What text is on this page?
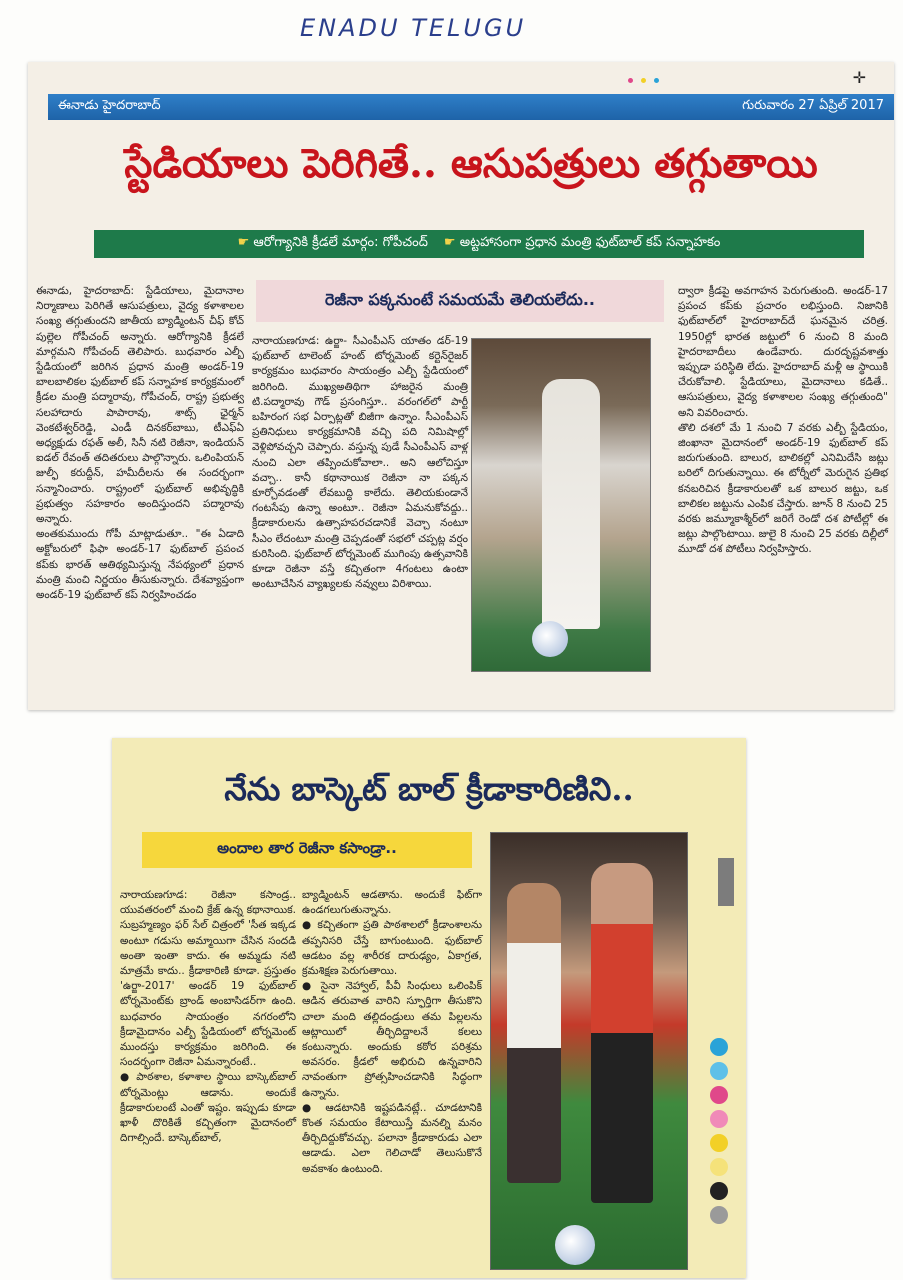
ENADU TELUGU
✛
ఈనాడు హైదరాబాద్	గురువారం 27 ఏప్రిల్ 2017
స్టేడియాలు పెరిగితే.. ఆసుపత్రులు తగ్గుతాయి
☛ ఆరోగ్యానికి క్రీడలే మార్గం: గోపీచంద్ ☛ అట్టహాసంగా ప్రధాన మంత్రి ఫుట్‌బాల్ కప్ సన్నాహకం
ఈనాడు, హైదరాబాద్: స్టేడియాలు, మైదానాల నిర్మాణాలు పెరిగితే ఆసుపత్రులు, వైద్య కళాశాలల సంఖ్య తగ్గుతుందని జాతీయ బ్యాడ్మింటన్ చీఫ్ కోచ్ పుల్లెల గోపీచంద్ అన్నారు. ఆరోగ్యానికి క్రీడలే మార్గమని గోపీచంద్ తెలిపారు. బుధవారం ఎల్బీ స్టేడియంలో జరిగిన ప్రధాన మంత్రి అండర్-19 బాలబాలికల ఫుట్‌బాల్ కప్ సన్నాహక కార్యక్రమంలో క్రీడల మంత్రి పద్మారావు, గోపీచంద్, రాష్ట్ర ప్రభుత్వ సలహాదారు పాపారావు, శాట్స్ ఛైర్మన్ వెంకటేశ్వర్‌రెడ్డి, ఎండీ దినకర్‌బాబు, టీఎఫ్ఏ అధ్యక్షుడు రఫత్ అలీ, సినీ నటి రెజీనా, ఇండియన్ ఐడల్ రేవంత్ తదితరులు పాల్గొన్నారు. ఒలింపియన్ జుల్ఫీ కరుద్దీన్, హమీదీలను ఈ సందర్భంగా సన్మానించారు. రాష్ట్రంలో ఫుట్‌బాల్ అభివృద్ధికి ప్రభుత్వం సహకారం అందిస్తుందని పద్మారావు అన్నారు.
అంతకుముందు గోపీ మాట్లాడుతూ.. "ఈ ఏడాది అక్టోబరులో ఫిఫా అండర్-17 ఫుట్‌బాల్ ప్రపంచ కప్‌కు భారత్ ఆతిథ్యమిస్తున్న నేపథ్యంలో ప్రధాన మంత్రి మంచి నిర్ణయం తీసుకున్నారు. దేశవ్యాప్తంగా అండర్-19 ఫుట్‌బాల్ కప్ నిర్వహించడం
రెజీనా పక్కనుంటే సమయమే తెలియలేదు..
నారాయణగూడ: ఉర్జా- సీఎంపీఎస్ యాతం డర్-19 ఫుట్‌బాల్ టాలెంట్ హంట్ టోర్నమెంట్ కర్టెన్‌రైజర్ కార్యక్రమం బుధవారం సాయంత్రం ఎల్బీ స్టేడియంలో జరిగింది. ముఖ్యఅతిథిగా హాజరైన మంత్రి టి.పద్మారావు గౌడ్ ప్రసంగిస్తూ.. వరంగల్‌లో పార్టీ బహిరంగ సభ ఏర్పాట్లతో బిజీగా ఉన్నాం. సీఎంపీఎస్ ప్రతినిధులు కార్యక్రమానికి వచ్చి పది నిమిషాల్లో వెళ్లిపోవచ్చని చెప్పారు. వస్తున్న పుడే సీఎంపీఎస్ వాళ్ల నుంచి ఎలా తప్పించుకోవాలా.. అని ఆలోచిస్తూ వచ్చా.. కానీ కథానాయిక రెజీనా నా పక్కన కూర్చోవడంతో లేవబుద్ధి కాలేదు. తెలియకుండానే గంటసేపు ఉన్నా అంటూ.. రెజీనా ఏమనుకోవద్దు.. క్రీడాకారులను ఉత్సాహపరచడానికే వెచ్చా నంటూ సీఎం లేదంటూ మంత్రి చెప్పడంతో సభలో చప్పట్ల వర్షం కురిసింది. ఫుట్‌బాల్ టోర్నమెంట్ ముగింపు ఉత్సవానికి కూడా రెజీనా వస్తే కచ్చితంగా 4గంటలు ఉంటా అంటూచేసిన వ్యాఖ్యలకు నవ్వులు విరిశాయి.
ద్వారా క్రీడపై అవగాహన పెరుగుతుంది. అండర్-17 ప్రపంచ కప్‌కు ప్రచారం లభిస్తుంది. నిజానికి ఫుట్‌బాల్‌లో హైదరాబాద్‌దే ఘనమైన చరిత్ర. 1950ల్లో భారత జట్టులో 6 నుంచి 8 మంది హైదరాబాదీలు ఉండేవారు. దురదృష్టవశాత్తు ఇప్పుడా పరిస్థితి లేదు. హైదరాబాద్ మళ్లీ ఆ స్థాయికి చేరుకోవాలి. స్టేడియాలు, మైదానాలు కడితే.. ఆసుపత్రులు, వైద్య కళాశాలల సంఖ్య తగ్గుతుంది" అని వివరించారు.
తొలి దశలో మే 1 నుంచి 7 వరకు ఎల్బీ స్టేడియం, జింఖానా మైదానంలో అండర్-19 ఫుట్‌బాల్ కప్ జరుగుతుంది. బాలుర, బాలికల్లో ఎనిమిదేసి జట్లు బరిలో దిగుతున్నాయి. ఈ టోర్నీలో మెరుగైన ప్రతిభ కనబరిచిన క్రీడాకారులతో ఒక బాలుర జట్టు, ఒక బాలికల జట్టును ఎంపిక చేస్తారు. జూన్ 8 నుంచి 25 వరకు జమ్మూకాశ్మీర్‌లో జరిగే రెండో దశ పోటీల్లో ఈ జట్లు పాల్గొంటాయి. జులై 8 నుంచి 25 వరకు దిల్లీలో మూడో దశ పోటీలు నిర్వహిస్తారు.
నేను బాస్కెట్ బాల్ క్రీడాకారిణిని..
అందాల తార రెజీనా కసాండ్రా..
నారాయణగూడ: రెజీనా కసాండ్ర.. యువతరంలో మంచి క్రేజ్ ఉన్న కథానాయిక. సుబ్రహ్మణ్యం ఫర్ సేల్ చిత్రంలో 'సీత ఇక్కడ అంటూ గడుసు అమ్మాయిగా చేసిన సందడి అంతా ఇంతా కాదు. ఈ అమ్మడు నటి మాత్రమే కాదు.. క్రీడాకారిణి కూడా. ప్రస్తుతం 'ఉర్జా-2017' అండర్ 19 ఫుట్‌బాల్ టోర్నమెంట్‌కు బ్రాండ్ అంబాసిడర్‌గా ఉంది. బుధవారం సాయంత్రం నగరంలోని క్రీడామైదానం ఎల్బీ స్టేడియంలో టోర్నమెంట్ ముందస్తు కార్యక్రమం జరిగింది. ఈ సందర్భంగా రెజీనా ఏమన్నారంటే..
● పాఠశాల, కళాశాల స్థాయి బాస్కెట్‌బాల్ టోర్నమెంట్లు ఆడాను. అందుకే క్రీడాకారులంటే ఎంతో ఇష్టం. ఇప్పుడు కూడా ఖాళీ దొరికితే కచ్చితంగా మైదానంలో దిగాల్సిందే. బాస్కెట్‌బాల్,
బ్యాడ్మింటన్ ఆడతాను. అందుకే ఫిట్‌గా ఉండగలుగుతున్నాను.
● కచ్చితంగా ప్రతి పాఠశాలలో క్రీడాంశాలను తప్పనిసరి చేస్తే బాగుంటుంది. ఫుట్‌బాల్ ఆడటం వల్ల శారీరక దారుఢ్యం, ఏకాగ్రత, క్రమశిక్షణ పెరుగుతాయి.
● సైనా నెహ్వాల్, పీవీ సింధులు ఒలింపిక్ ఆడిన తరువాత వారిని స్ఫూర్తిగా తీసుకొని చాలా మంది తల్లిదండ్రులు తమ పిల్లలను ఆట్లాయిలో తీర్చిదిద్దాలనే కలలు కంటున్నారు. అందుకు కఠోర పరిశ్రమ అవసరం. క్రీడలో అభిరుచి ఉన్నవారిని నావంతుగా ప్రోత్సహించడానికి సిద్ధంగా ఉన్నాను.
● ఆడటానికి ఇష్టపడినట్లే.. చూడటానికి కొంత సమయం కేటాయిస్తే మనల్ని మనం తీర్చిదిద్దుకోవచ్చు. పలానా క్రీడాకారుడు ఎలా ఆడాడు. ఎలా గెలిచాడో తెలుసుకొనే అవకాశం ఉంటుంది.
